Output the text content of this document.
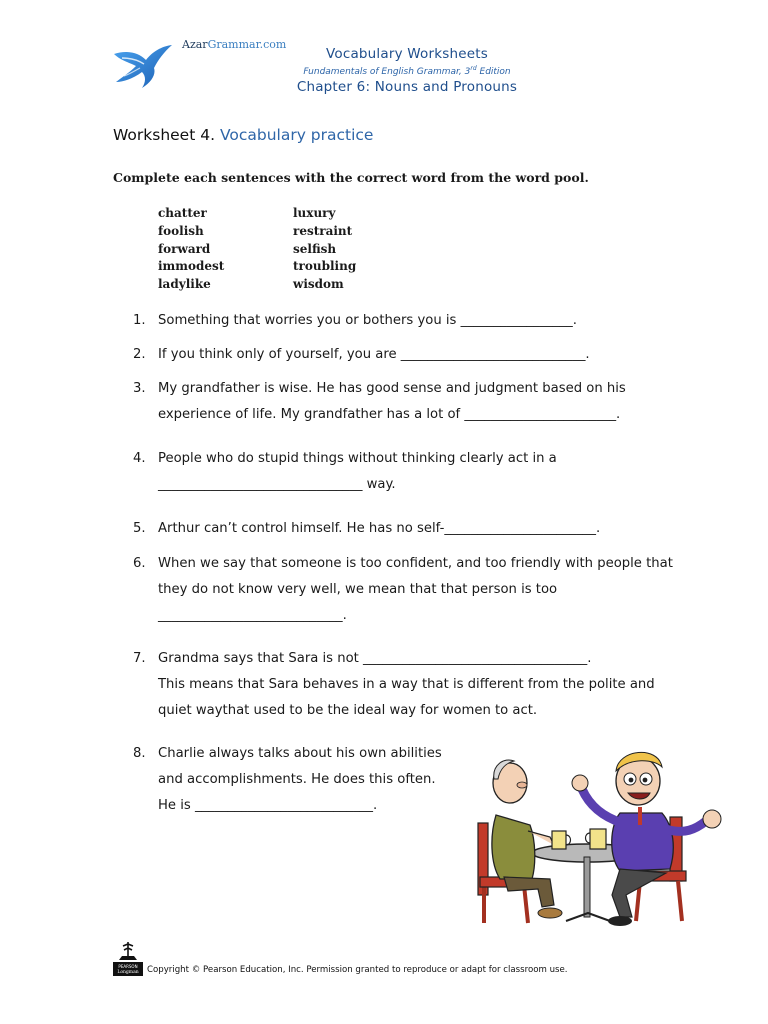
AzarGrammar.com
Vocabulary Worksheets
Fundamentals of English Grammar, 3rd Edition
Chapter 6: Nouns and Pronouns
Worksheet 4. Vocabulary practice
Complete each sentences with the correct word from the word pool.
chatter
foolish
forward
immodest
ladylike
luxury
restraint
selfish
troubling
wisdom
1. Something that worries you or bothers you is _________________.
2. If you think only of yourself, you are ____________________________.
3. My grandfather is wise. He has good sense and judgment based on his
experience of life. My grandfather has a lot of _______________________.
4. People who do stupid things without thinking clearly act in a
_______________________________ way.
5. Arthur can’t control himself. He has no self-_______________________.
6. When we say that someone is too confident, and too friendly with people that
they do not know very well, we mean that that person is too
____________________________.
7. Grandma says that Sara is not __________________________________.
This means that Sara behaves in a way that is different from the polite and
quiet waythat used to be the ideal way for women to act.
8. Charlie always talks about his own abilities
and accomplishments. He does this often.
He is ___________________________.
PEARSON
Longman Copyright © Pearson Education, Inc. Permission granted to reproduce or adapt for classroom use.
